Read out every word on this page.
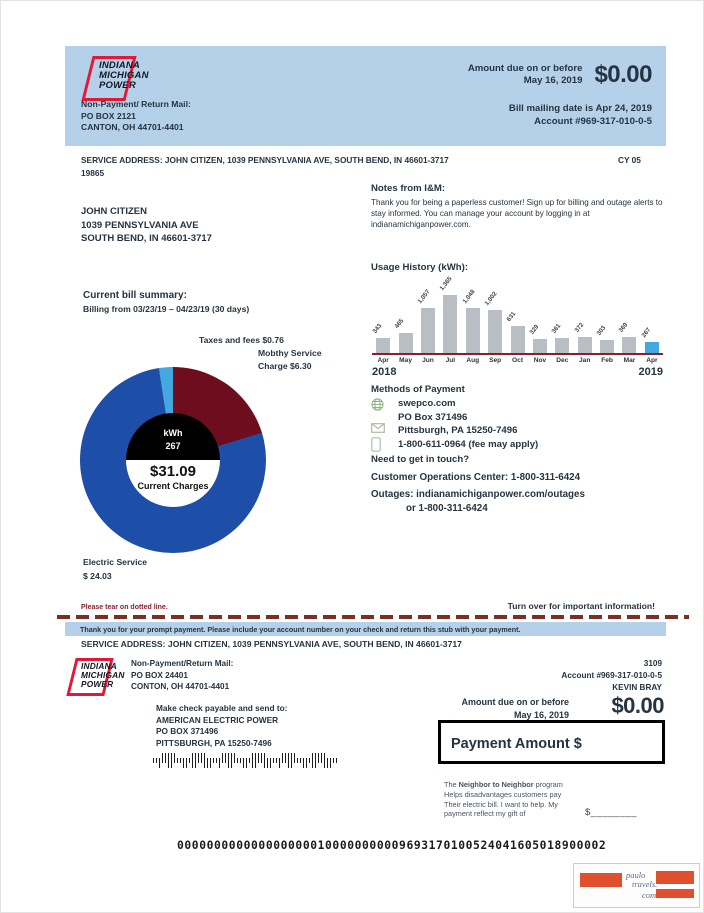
INDIANA
MICHIGAN
POWER
Non-Payment/ Return Mail:
PO BOX 2121
CANTON, OH 44701-4401
Amount due on or before
May 16, 2019 $0.00
Bill mailing date is Apr 24, 2019
Account #969-317-010-0-5
SERVICE ADDRESS: JOHN CITIZEN, 1039 PENNSYLVANIA AVE, SOUTH BEND, IN 46601-3717	CY 05
19865
JOHN CITIZEN
1039 PENNSYLVANIA AVE
SOUTH BEND, IN 46601-3717
Notes from I&M:
Thank you for being a paperless customer! Sign up for billing and outage alerts to stay informed. You can manage your account by logging in at indianamichiganpower.com.
Usage History (kWh):
343 465
1,057
1,365
1,048 1,002
631
329 361 372 303 369 267
Apr	May	Jun	Jul	Aug	Sep	Oct	Nov	Dec	Jan	Feb	Mar	Apr
2018	2019
Current bill summary:
Billing from 03/23/19 – 04/23/19 (30 days)
Taxes and fees $0.76
Mobthy Service
Charge $6.30
kWh
267
$31.09
Current Charges
Electric Service
$ 24.03
Methods of Payment
swepco.com
PO Box 371496
Pittsburgh, PA 15250-7496
1-800-611-0964 (fee may apply)
Need to get in touch?
Customer Operations Center: 1-800-311-6424
Outages: indianamichiganpower.com/outages
or 1-800-311-6424
Please tear on dotted line.	Turn over for important information!
Thank you for your prompt payment. Please include your account number on your check and return this stub with your payment.
SERVICE ADDRESS: JOHN CITIZEN, 1039 PENNSYLVANIA AVE, SOUTH BEND, IN 46601-3717
INDIANA
MICHIGAN
POWER
Non-Payment/Return Mail:
PO BOX 24401
CONTON, OH 44701-4401
3109
Account #969-317-010-0-5
KEVIN BRAY
Amount due on or before
May 16, 2019 $0.00
Payment Amount $
Make check payable and send to:
AMERICAN ELECTRIC POWER
PO BOX 371496
PITTSBURGH, PA 15250-7496
The Neighbor to Neighbor program
Helps disadvantages customers pay
Their electric bill. I want to help. My
payment reflect my gift of	$________
0000000000000000000100000000009693170100524041605018900002
paulo
travels.
com
